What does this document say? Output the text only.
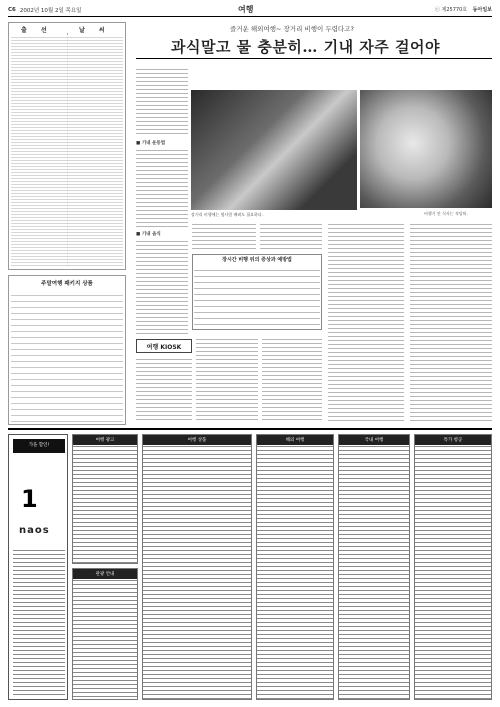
C6 2002년 10월 2일 목요일	여행	ⓒ 제25770호 동아일보
출 선	날 씨
주말여행 패키지 상품
즐거운 해외여행~ 장거리 비행이 두렵다고?
과식말고 물 충분히… 기내 자주 걸어야
■ 기내 운동법
■ 기내 음식
장거리 비행에는 옆사람 배려도 필요하다.	비행기 안 식사는 적당히.
장시간 비행 뒤의 증상과 예방법
여행 KIOSK
가을 할인!
1
naos
여행 광고
관광 안내
여행 상품	해외 여행	국내 여행	특가 항공
